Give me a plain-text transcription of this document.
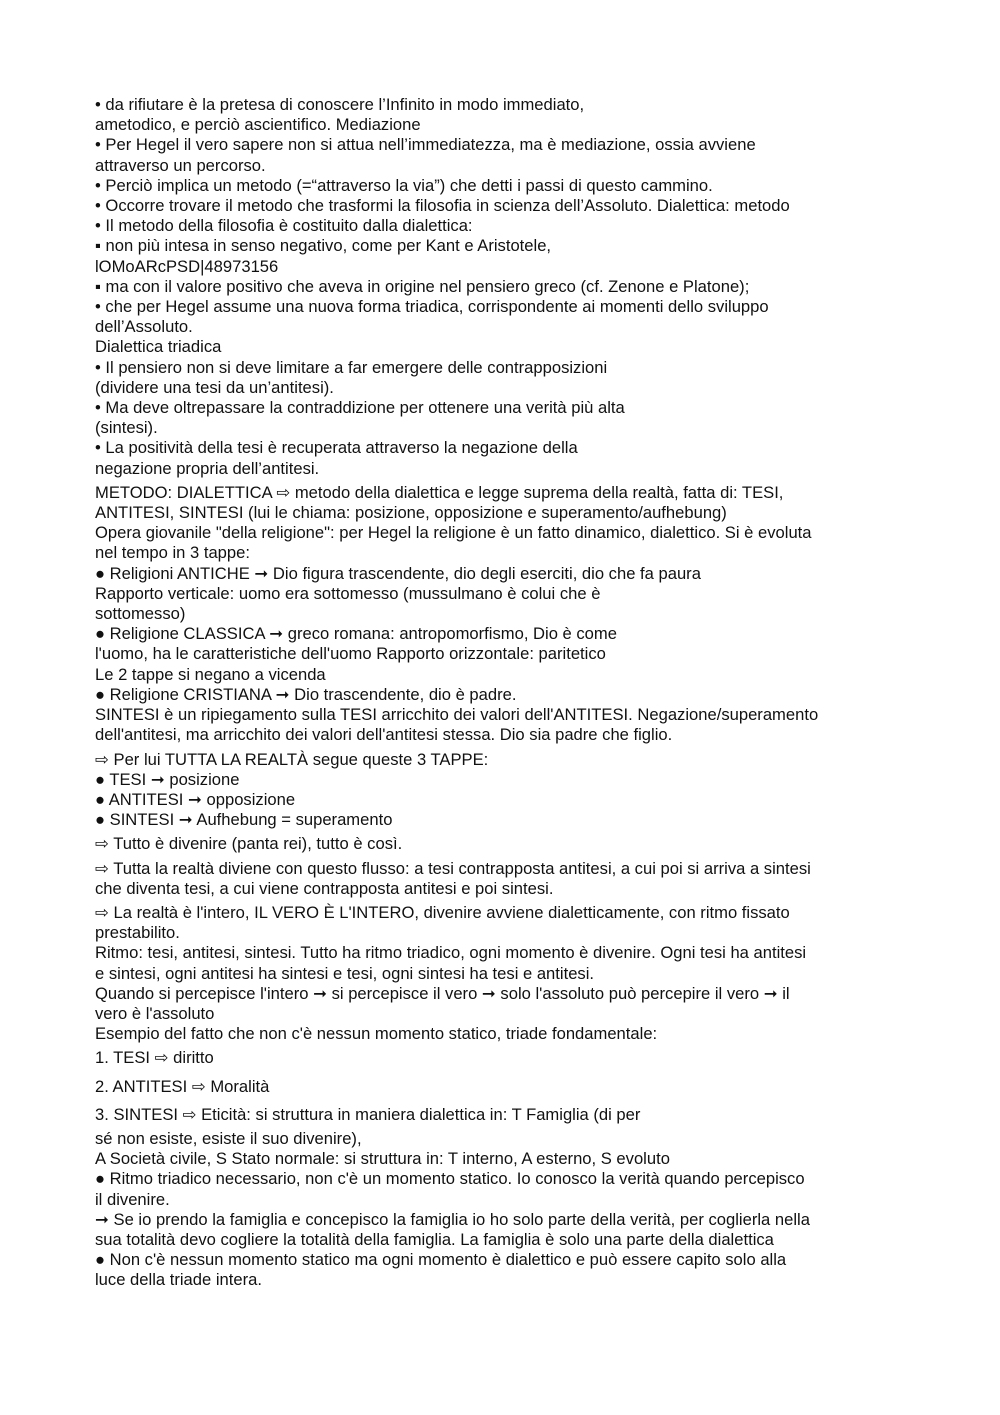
• da rifiutare è la pretesa di conoscere l’Infinito in modo immediato,
ametodico, e perciò ascientifico. Mediazione
• Per Hegel il vero sapere non si attua nell’immediatezza, ma è mediazione, ossia avviene
attraverso un percorso.
• Perciò implica un metodo (=“attraverso la via”) che detti i passi di questo cammino.
• Occorre trovare il metodo che trasformi la filosofia in scienza dell’Assoluto. Dialettica: metodo
• Il metodo della filosofia è costituito dalla dialettica:
▪ non più intesa in senso negativo, come per Kant e Aristotele,
lOMoARcPSD|48973156
▪ ma con il valore positivo che aveva in origine nel pensiero greco (cf. Zenone e Platone);
• che per Hegel assume una nuova forma triadica, corrispondente ai momenti dello sviluppo
dell’Assoluto.
Dialettica triadica
• Il pensiero non si deve limitare a far emergere delle contrapposizioni
(dividere una tesi da un’antitesi).
• Ma deve oltrepassare la contraddizione per ottenere una verità più alta
(sintesi).
• La positività della tesi è recuperata attraverso la negazione della
negazione propria dell’antitesi.
METODO: DIALETTICA ⇨ metodo della dialettica e legge suprema della realtà, fatta di: TESI,
ANTITESI, SINTESI (lui le chiama: posizione, opposizione e superamento/aufhebung)
Opera giovanile "della religione": per Hegel la religione è un fatto dinamico, dialettico. Si è evoluta
nel tempo in 3 tappe:
● Religioni ANTICHE ➞ Dio figura trascendente, dio degli eserciti, dio che fa paura
Rapporto verticale: uomo era sottomesso (mussulmano è colui che è
sottomesso)
● Religione CLASSICA ➞ greco romana: antropomorfismo, Dio è come
l'uomo, ha le caratteristiche dell'uomo Rapporto orizzontale: paritetico
Le 2 tappe si negano a vicenda
● Religione CRISTIANA ➞ Dio trascendente, dio è padre.
SINTESI è un ripiegamento sulla TESI arricchito dei valori dell'ANTITESI. Negazione/superamento
dell'antitesi, ma arricchito dei valori dell'antitesi stessa. Dio sia padre che figlio.
⇨ Per lui TUTTA LA REALTÀ segue queste 3 TAPPE:
● TESI ➞ posizione
● ANTITESI ➞ opposizione
● SINTESI ➞ Aufhebung = superamento
⇨ Tutto è divenire (panta rei), tutto è così.
⇨ Tutta la realtà diviene con questo flusso: a tesi contrapposta antitesi, a cui poi si arriva a sintesi
che diventa tesi, a cui viene contrapposta antitesi e poi sintesi.
⇨ La realtà è l'intero, IL VERO È L'INTERO, divenire avviene dialetticamente, con ritmo fissato
prestabilito.
Ritmo: tesi, antitesi, sintesi. Tutto ha ritmo triadico, ogni momento è divenire. Ogni tesi ha antitesi
e sintesi, ogni antitesi ha sintesi e tesi, ogni sintesi ha tesi e antitesi.
Quando si percepisce l'intero ➞ si percepisce il vero ➞ solo l'assoluto può percepire il vero ➞ il
vero è l'assoluto
Esempio del fatto che non c'è nessun momento statico, triade fondamentale:
1. TESI ⇨ diritto
2. ANTITESI ⇨ Moralità
3. SINTESI ⇨ Eticità: si struttura in maniera dialettica in: T Famiglia (di per
sé non esiste, esiste il suo divenire),
A Società civile, S Stato normale: si struttura in: T interno, A esterno, S evoluto
● Ritmo triadico necessario, non c'è un momento statico. Io conosco la verità quando percepisco
il divenire.
➞ Se io prendo la famiglia e concepisco la famiglia io ho solo parte della verità, per coglierla nella
sua totalità devo cogliere la totalità della famiglia. La famiglia è solo una parte della dialettica
● Non c'è nessun momento statico ma ogni momento è dialettico e può essere capito solo alla
luce della triade intera.
